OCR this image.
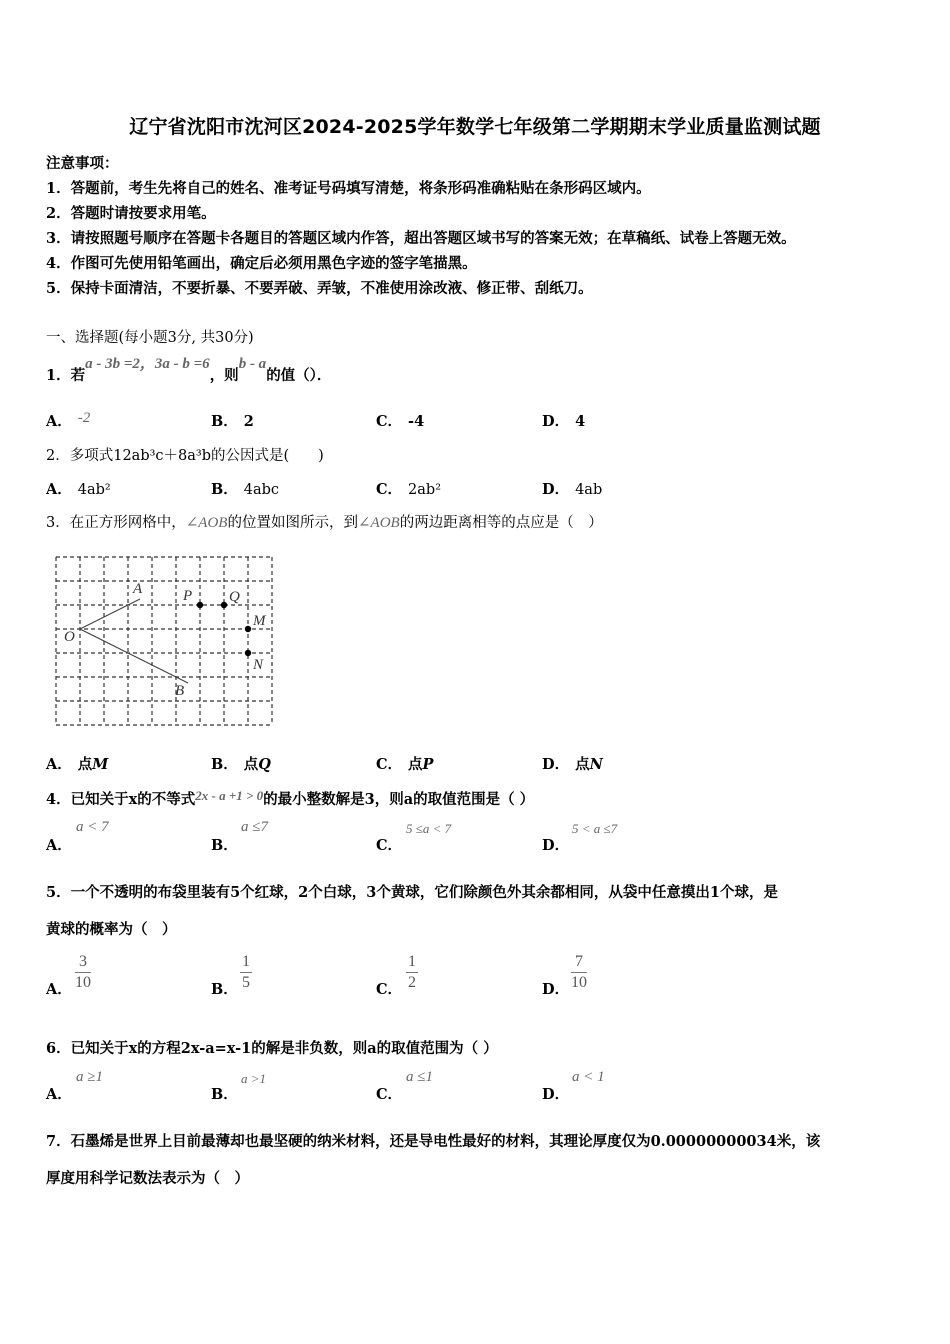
辽宁省沈阳市沈河区2024-2025学年数学七年级第二学期期末学业质量监测试题
注意事项：
1．答题前，考生先将自己的姓名、准考证号码填写清楚，将条形码准确粘贴在条形码区域内。
2．答题时请按要求用笔。
3．请按照题号顺序在答题卡各题目的答题区域内作答，超出答题区域书写的答案无效；在草稿纸、试卷上答题无效。
4．作图可先使用铅笔画出，确定后必须用黑色字迹的签字笔描黑。
5．保持卡面清洁，不要折暴、不要弄破、弄皱，不准使用涂改液、修正带、刮纸刀。
一、选择题(每小题3分, 共30分)
1．若a - 3b =2，3a - b =6，则b - a的值（）．
A． -2	B． 2	C． -4	D． 4
2．多项式12ab³c＋8a³b的公因式是(　　)
A． 4ab²	B． 4abc	C． 2ab²	D． 4ab
3．在正方形网格中，∠AOB的位置如图所示，到∠AOB的两边距离相等的点应是（　）
A	P Q
O
M
N
B
A． 点M	B． 点Q	C． 点P	D． 点N
4．已知关于x的不等式2x - a +1 > 0的最小整数解是3，则a的取值范围是（ ）
A．
a < 7
B．
a ≤7
C．
5 ≤a < 7
D．
5 < a ≤7
5．一个不透明的布袋里装有5个红球，2个白球，3个黄球，它们除颜色外其余都相同，从袋中任意摸出1个球，是
黄球的概率为（　）
A． $\frac{3}{10}$	B． $\frac{1}{5}$	C． $\frac{1}{2}$	D． $\frac{7}{10}$
6．已知关于x的方程2x-a=x-1的解是非负数，则a的取值范围为（ ）
A．
a ≥1
B．
a >1
C．
a ≤1
D．
a < 1
7．石墨烯是世界上目前最薄却也最坚硬的纳米材料，还是导电性最好的材料，其理论厚度仅为0.00000000034米，该
厚度用科学记数法表示为（　）
